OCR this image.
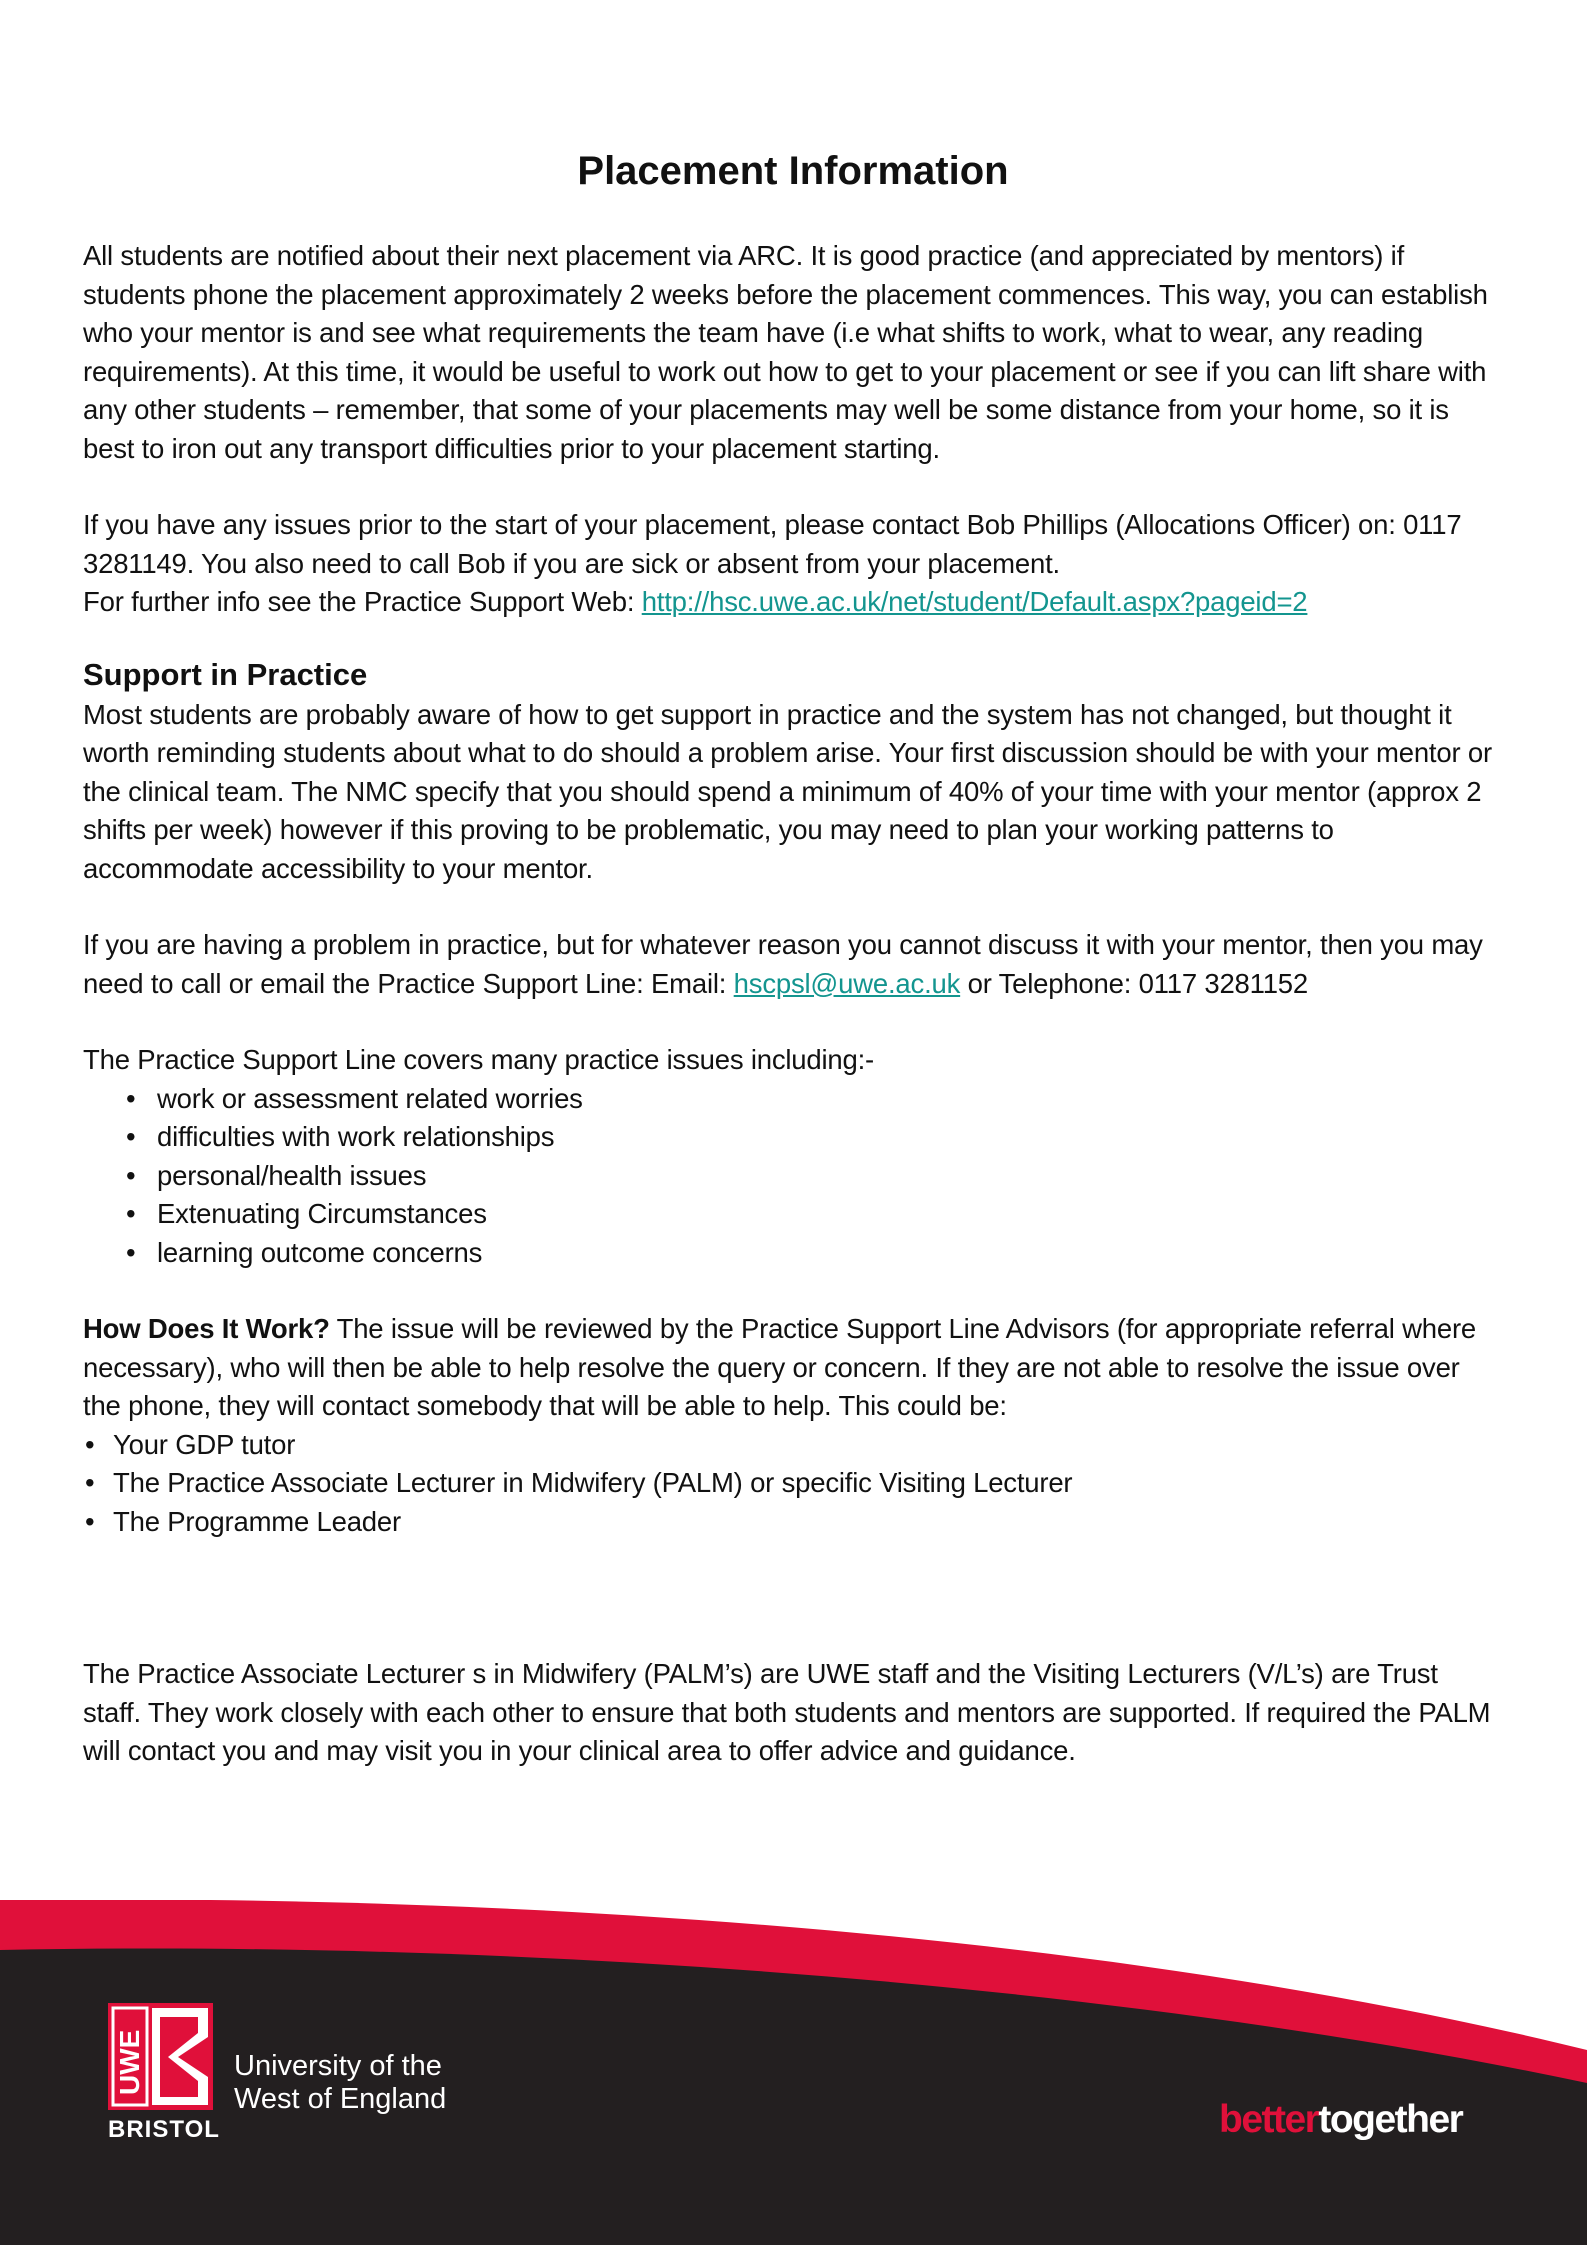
Placement Information

All students are notified about their next placement via ARC. It is good practice (and appreciated by mentors) if students phone the placement approximately 2 weeks before the placement commences. This way, you can establish who your mentor is and see what requirements the team have (i.e what shifts to work, what to wear, any reading requirements). At this time, it would be useful to work out how to get to your placement or see if you can lift share with any other students – remember, that some of your placements may well be some distance from your home, so it is best to iron out any transport difficulties prior to your placement starting.

If you have any issues prior to the start of your placement, please contact Bob Phillips (Allocations Officer) on: 0117 3281149. You also need to call Bob if you are sick or absent from your placement.

For further info see the Practice Support Web: http://hsc.uwe.ac.uk/net/student/Default.aspx?pageid=2

Support in Practice

Most students are probably aware of how to get support in practice and the system has not changed, but thought it worth reminding students about what to do should a problem arise. Your first discussion should be with your mentor or the clinical team. The NMC specify that you should spend a minimum of 40% of your time with your mentor (approx 2 shifts per week) however if this proving to be problematic, you may need to plan your working patterns to accommodate accessibility to your mentor.

If you are having a problem in practice, but for whatever reason you cannot discuss it with your mentor, then you may need to call or email the Practice Support Line: Email: hscpsl@uwe.ac.uk or Telephone: 0117 3281152

The Practice Support Line covers many practice issues including:-

• work or assessment related worries
• difficulties with work relationships
• personal/health issues
• Extenuating Circumstances
• learning outcome concerns

How Does It Work? The issue will be reviewed by the Practice Support Line Advisors (for appropriate referral where necessary), who will then be able to help resolve the query or concern. If they are not able to resolve the issue over the phone, they will contact somebody that will be able to help. This could be:

• Your GDP tutor
• The Practice Associate Lecturer in Midwifery (PALM) or specific Visiting Lecturer
• The Programme Leader

The Practice Associate Lecturer s in Midwifery (PALM’s) are UWE staff and the Visiting Lecturers (V/L’s) are Trust staff. They work closely with each other to ensure that both students and mentors are supported. If required the PALM will contact you and may visit you in your clinical area to offer advice and guidance.

UWE
BRISTOL
University of the
West of England	bettertogether
